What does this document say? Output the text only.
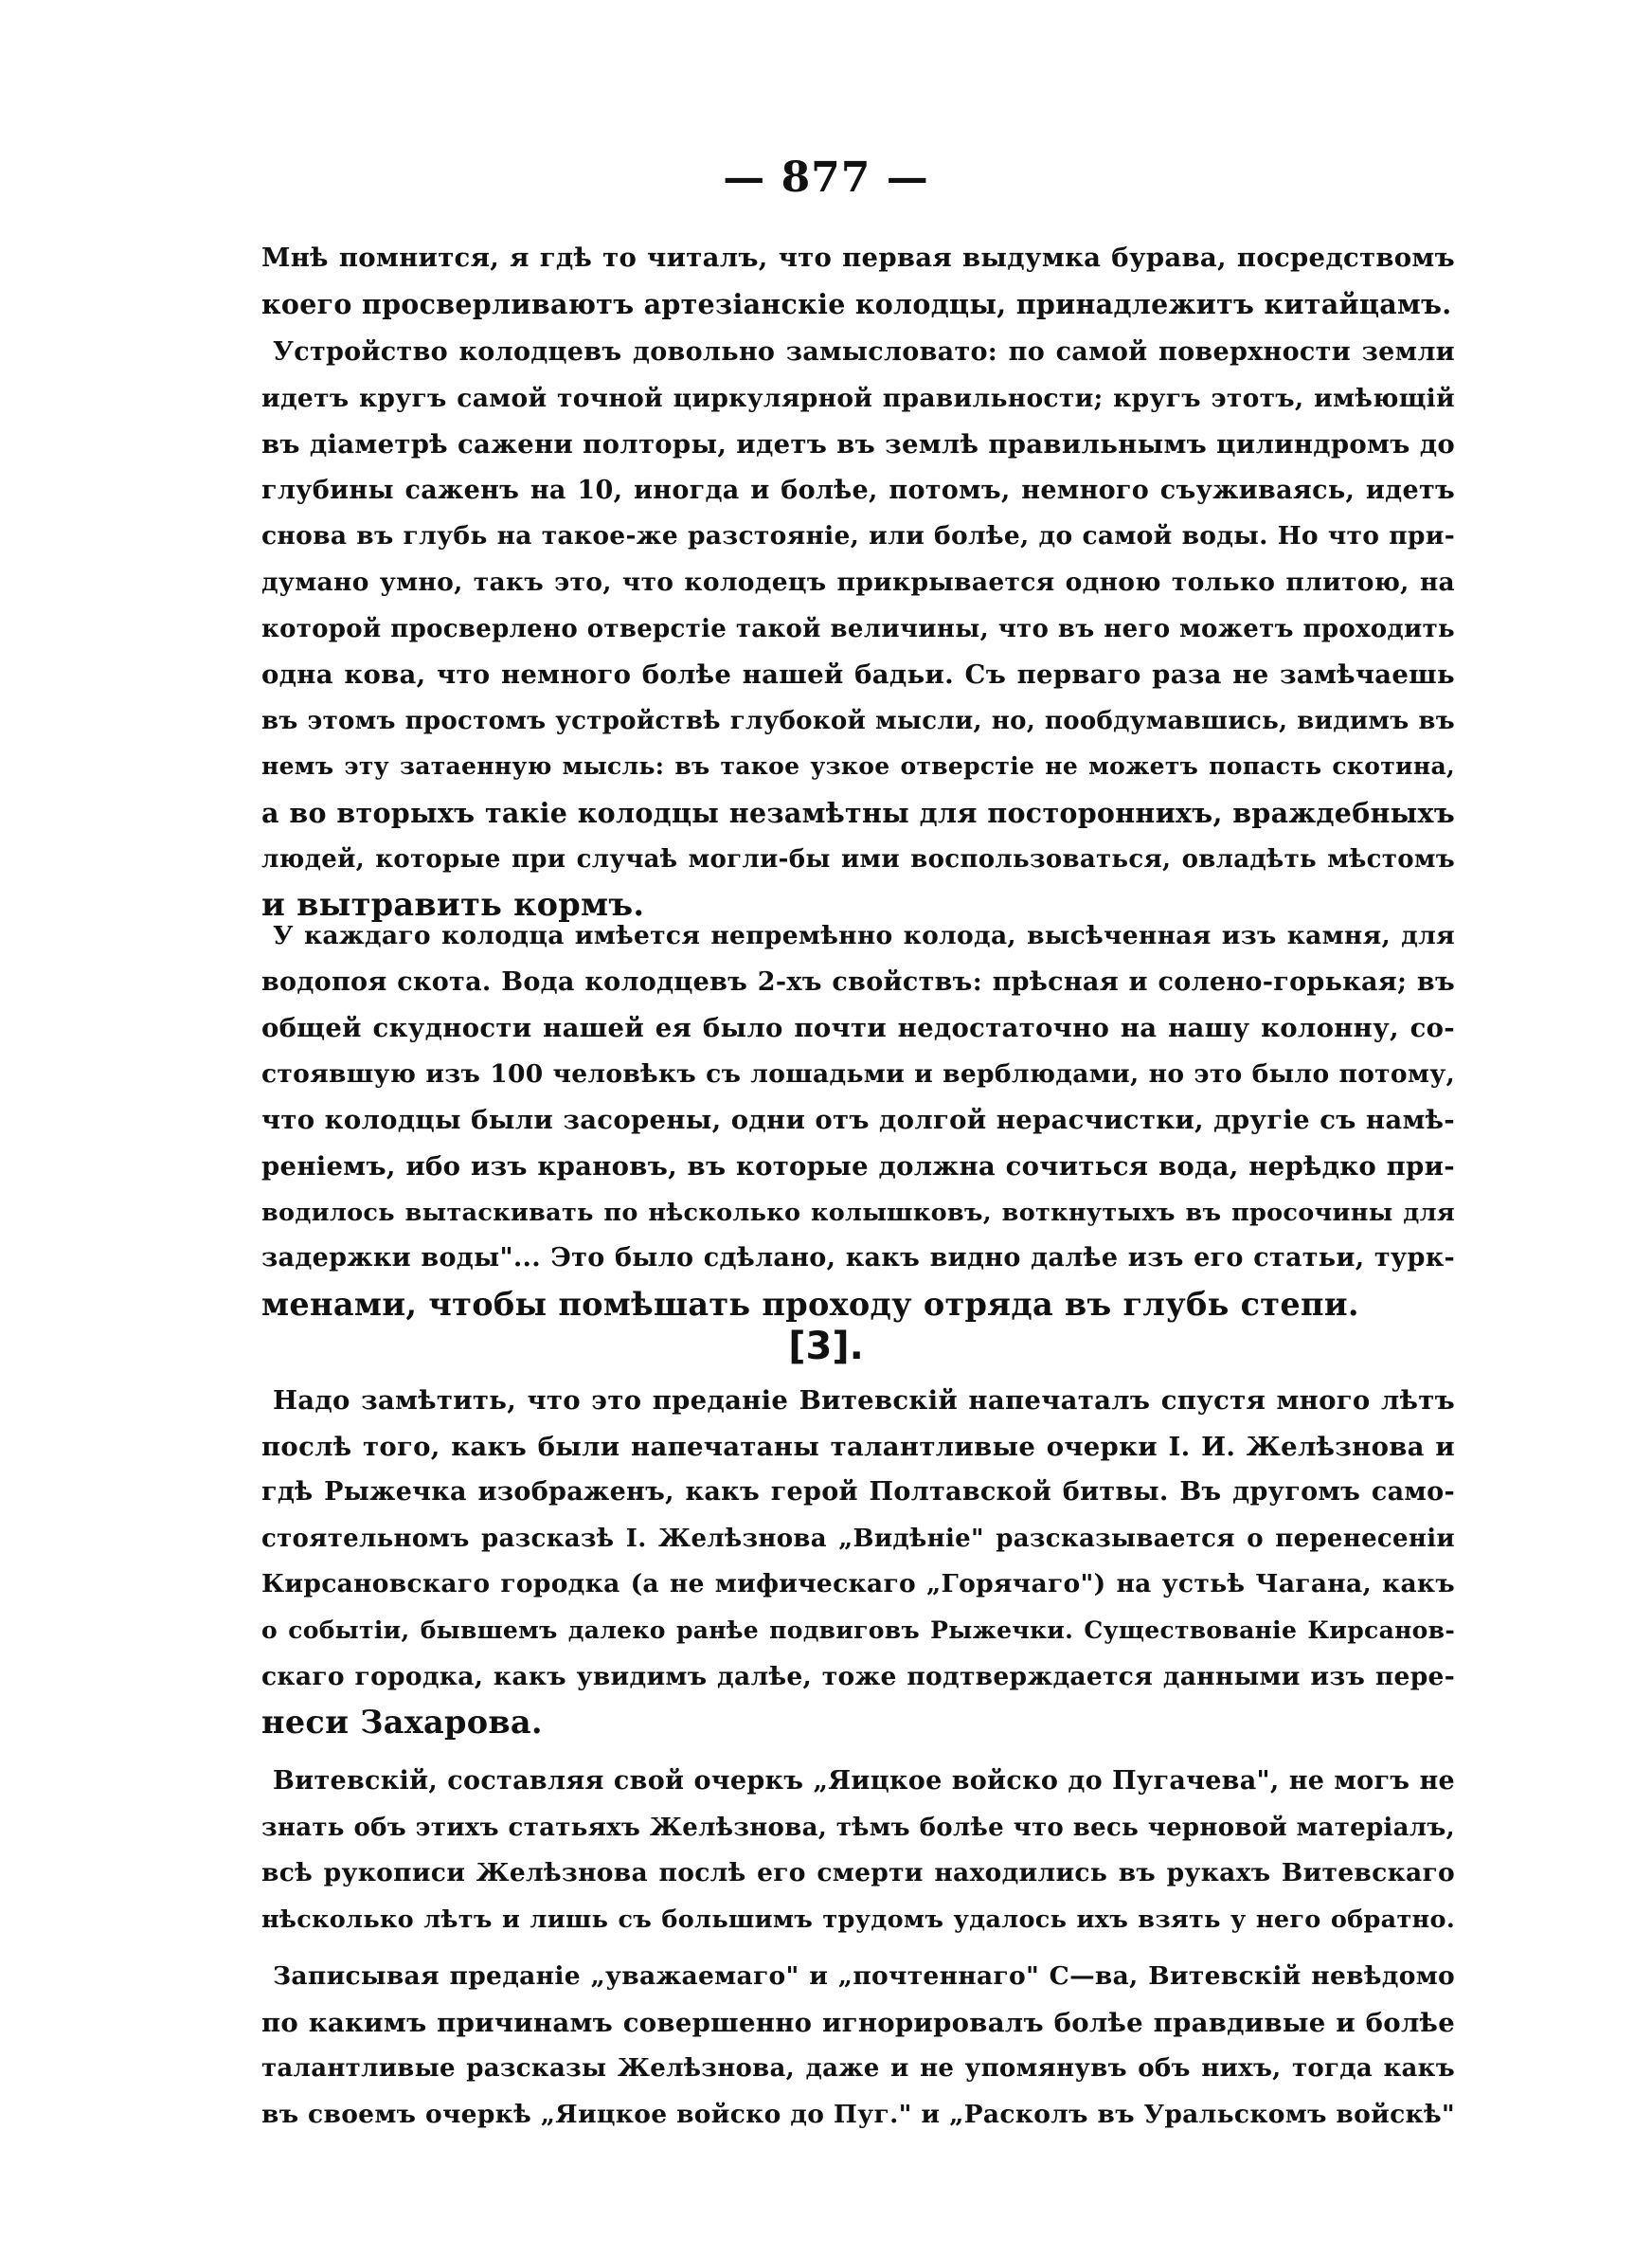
— 877 —
Мнѣ помнится, я гдѣ то читалъ, что первая выдумка бурава, посредствомъ
коего просверливаютъ артезіанскіе колодцы, принадлежитъ китайцамъ.
Устройство колодцевъ довольно замысловато: по самой поверхности земли
идетъ кругъ самой точной циркулярной правильности; кругъ этотъ, имѣющій
въ діаметрѣ сажени полторы, идетъ въ землѣ правильнымъ цилиндромъ до
глубины саженъ на 10, иногда и болѣе, потомъ, немного съуживаясь, идетъ
снова въ глубь на такое-же разстояніе, или болѣе, до самой воды. Но что при-
думано умно, такъ это, что колодецъ прикрывается одною только плитою, на
которой просверлено отверстіе такой величины, что въ него можетъ проходить
одна кова, что немного болѣе нашей бадьи. Съ перваго раза не замѣчаешь
въ этомъ простомъ устройствѣ глубокой мысли, но, пообдумавшись, видимъ въ
немъ эту затаенную мысль: въ такое узкое отверстіе не можетъ попасть скотина,
а во вторыхъ такіе колодцы незамѣтны для постороннихъ, враждебныхъ
людей, которые при случаѣ могли-бы ими воспользоваться, овладѣть мѣстомъ
и вытравить кормъ.
У каждаго колодца имѣется непремѣнно колода, высѣченная изъ камня, для
водопоя скота. Вода колодцевъ 2-хъ свойствъ: прѣсная и солено-горькая; въ
общей скудности нашей ея было почти недостаточно на нашу колонну, со-
стоявшую изъ 100 человѣкъ съ лошадьми и верблюдами, но это было потому,
что колодцы были засорены, одни отъ долгой нерасчистки, другіе съ намѣ-
реніемъ, ибо изъ крановъ, въ которые должна сочиться вода, нерѣдко при-
водилось вытаскивать по нѣсколько колышковъ, воткнутыхъ въ просочины для
задержки воды"... Это было сдѣлано, какъ видно далѣе изъ его статьи, турк-
менами, чтобы помѣшать проходу отряда въ глубь степи.
[3].
Надо замѣтить, что это преданіе Витевскій напечаталъ спустя много лѣтъ
послѣ того, какъ были напечатаны талантливые очерки I. И. Желѣзнова и
гдѣ Рыжечка изображенъ, какъ герой Полтавской битвы. Въ другомъ само-
стоятельномъ разсказѣ I. Желѣзнова „Видѣніе" разсказывается о перенесеніи
Кирсановскаго городка (а не мифическаго „Горячаго") на устьѣ Чагана, какъ
о событіи, бывшемъ далеко ранѣе подвиговъ Рыжечки. Существованіе Кирсанов-
скаго городка, какъ увидимъ далѣе, тоже подтверждается данными изъ пере-
неси Захарова.
Витевскій, составляя свой очеркъ „Яицкое войско до Пугачева", не могъ не
знать объ этихъ статьяхъ Желѣзнова, тѣмъ болѣе что весь черновой матеріалъ,
всѣ рукописи Желѣзнова послѣ его смерти находились въ рукахъ Витевскаго
нѣсколько лѣтъ и лишь съ большимъ трудомъ удалось ихъ взять у него обратно.
Записывая преданіе „уважаемаго" и „почтеннаго" С—ва, Витевскій невѣдомо
по какимъ причинамъ совершенно игнорировалъ болѣе правдивые и болѣе
талантливые разсказы Желѣзнова, даже и не упомянувъ объ нихъ, тогда какъ
въ своемъ очеркѣ „Яицкое войско до Пуг." и „Расколъ въ Уральскомъ войскѣ"
